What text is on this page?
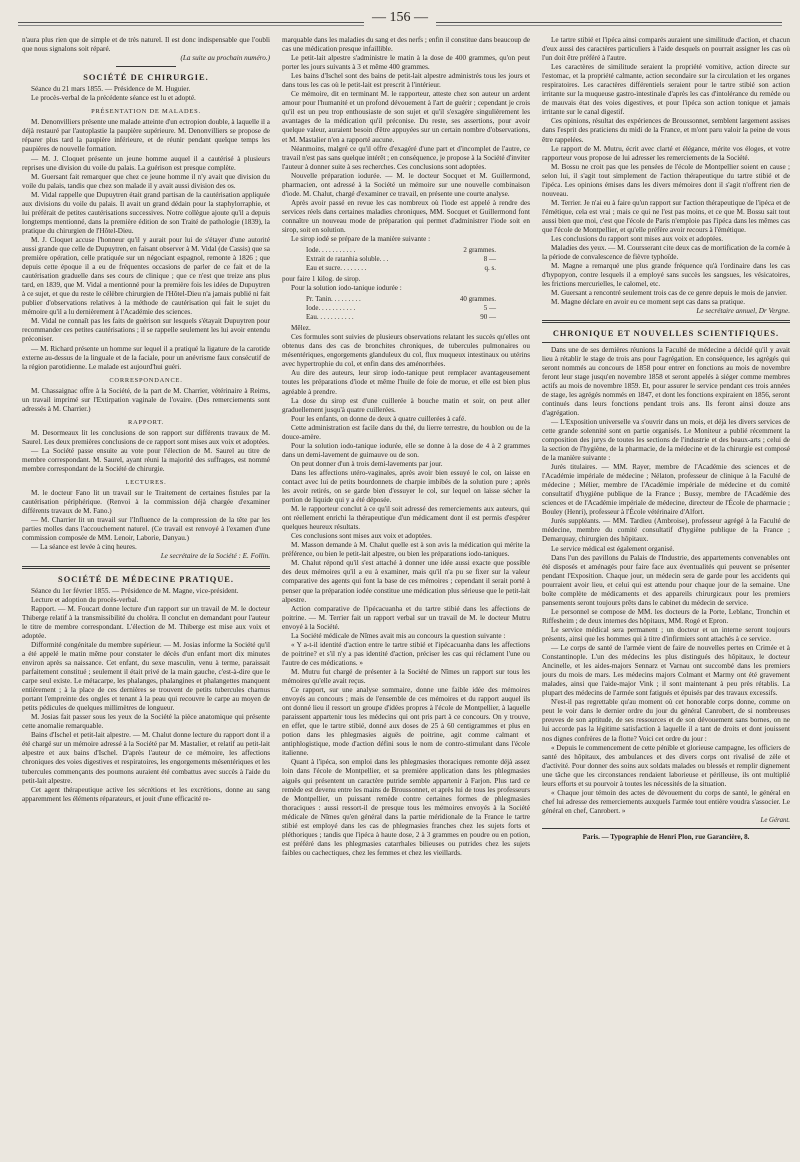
— 156 —

n'aura plus rien que de simple et de très naturel. Il est donc indispensable que l'oubli que nous signalons soit réparé.

(La suite au prochain numéro.)
SOCIÉTÉ DE CHIRURGIE.

Séance du 21 mars 1855. — Présidence de M. Huguier.

Le procès-verbal de la précédente séance est lu et adopté.

PRÉSENTATION DE MALADES.

M. Denonvilliers présente une malade atteinte d'un ectropion double, à laquelle il a déjà restauré par l'autoplastie la paupière supérieure. M. Denonvilliers se propose de réparer plus tard la paupière inférieure, et de réunir pendant quelque temps les paupières de nouvelle formation.

— M. J. Cloquet présente un jeune homme auquel il a cautérisé à plusieurs reprises une division du voile du palais. La guérison est presque complète.

M. Guersant fait remarquer que chez ce jeune homme il n'y avait que division du voile du palais, tandis que chez son malade il y avait aussi division des os.

M. Vidal rappelle que Dupuytren était grand partisan de la cautérisation appliquée aux divisions du voile du palais. Il avait un grand dédain pour la staphylorraphie, et lui préférait de petites cautérisations successives. Notre collègue ajoute qu'il a depuis longtemps mentionné, dans la première édition de son Traité de pathologie (1839), la pratique du chirurgien de l'Hôtel-Dieu.

M. J. Cloquet accuse l'honneur qu'il y aurait pour lui de s'étayer d'une autorité aussi grande que celle de Dupuytren, en faisant observer à M. Vidal (de Cassis) que sa première opération, celle pratiquée sur un négociant espagnol, remonte à 1826 ; que depuis cette époque il a eu de fréquentes occasions de parler de ce fait et de la cautérisation graduelle dans ses cours de clinique ; que ce n'est que treize ans plus tard, en 1839, que M. Vidal a mentionné pour la première fois les idées de Dupuytren à ce sujet, et que du reste le célèbre chirurgien de l'Hôtel-Dieu n'a jamais publié ni fait publier d'observations relatives à la méthode de cautérisation qui fait le sujet du mémoire qu'il a lu dernièrement à l'Académie des sciences.

M. Vidal ne connaît pas les faits de guérison sur lesquels s'étayait Dupuytren pour recommander ces petites cautérisations ; il se rappelle seulement les lui avoir entendu préconiser.

— M. Richard présente un homme sur lequel il a pratiqué la ligature de la carotide externe au-dessus de la linguale et de la faciale, pour un anévrisme faux consécutif de la région parotidienne. Le malade est aujourd'hui guéri.

CORRESPONDANCE.

M. Chassaignac offre à la Société, de la part de M. Charrier, vétérinaire à Reims, un travail imprimé sur l'Extirpation vaginale de l'ovaire. (Des remerciements sont adressés à M. Charrier.)

RAPPORT.

M. Desormeaux lit les conclusions de son rapport sur différents travaux de M. Saurel. Les deux premières conclusions de ce rapport sont mises aux voix et adoptées.

— La Société passe ensuite au vote pour l'élection de M. Saurel au titre de membre correspondant. M. Saurel, ayant réuni la majorité des suffrages, est nommé membre correspondant de la Société de chirurgie.

LECTURES.

M. le docteur Fano lit un travail sur le Traitement de certaines fistules par la cautérisation périphérique. (Renvoi à la commission déjà chargée d'examiner différents travaux de M. Fano.)

— M. Charrier lit un travail sur l'Influence de la compression de la tête par les parties molles dans l'accouchement naturel. (Ce travail est renvoyé à l'examen d'une commission composée de MM. Lenoir, Laborie, Danyau.)

— La séance est levée à cinq heures.

Le secrétaire de la Société : E. Follin.
SOCIÉTÉ DE MÉDECINE PRATIQUE.

Séance du 1er février 1855. — Présidence de M. Magne, vice-président.

Lecture et adoption du procès-verbal.

Rapport. — M. Foucart donne lecture d'un rapport sur un travail de M. le docteur Thiberge relatif à la transmissibilité du choléra. Il conclut en demandant pour l'auteur le titre de membre correspondant. L'élection de M. Thiberge est mise aux voix et adoptée.

Difformité congénitale du membre supérieur. — M. Josias informe la Société qu'il a été appelé le matin même pour constater le décès d'un enfant mort dix minutes environ après sa naissance. Cet enfant, du sexe masculin, venu à terme, paraissait parfaitement constitué ; seulement il était privé de la main gauche, c'est-à-dire que le carpe seul existe. Le métacarpe, les phalanges, phalangines et phalangettes manquent entièrement ; à la place de ces dernières se trouvent de petits tubercules charnus portant l'empreinte des ongles et tenant à la peau qui recouvre le carpe au moyen de petits pédicules de quelques millimètres de longueur.

M. Josias fait passer sous les yeux de la Société la pièce anatomique qui présente cette anomalie remarquable.

Bains d'Ischel et petit-lait alpestre. — M. Chalut donne lecture du rapport dont il a été chargé sur un mémoire adressé à la Société par M. Mastalier, et relatif au petit-lait alpestre et aux bains d'Ischel. D'après l'auteur de ce mémoire, les affections chroniques des voies digestives et respiratoires, les engorgements mésentériques et les tubercules commençants des poumons auraient été combattus avec succès à l'aide du petit-lait alpestre.

Cet agent thérapeutique active les sécrétions et les excrétions, donne au sang apparemment les éléments réparateurs, et jouit d'une efficacité re-

marquable dans les maladies du sang et des nerfs ; enfin il constitue dans beaucoup de cas une médication presque infaillible.

Le petit-lait alpestre s'administre le matin à la dose de 400 grammes, qu'on peut porter les jours suivants à 3 et même 400 grammes.

Les bains d'Ischel sont des bains de petit-lait alpestre administrés tous les jours et dans tous les cas où le petit-lait est prescrit à l'intérieur.

Ce mémoire, dit en terminant M. le rapporteur, atteste chez son auteur un ardent amour pour l'humanité et un profond dévouement à l'art de guérir ; cependant je crois qu'il est un peu trop enthousiaste de son sujet et qu'il s'exagère singulièrement les avantages de la médication qu'il préconise. Du reste, ses assertions, pour avoir quelque valeur, auraient besoin d'être appuyées sur un certain nombre d'observations, et M. Mastalier n'en a rapporté aucune.

Néanmoins, malgré ce qu'il offre d'exagéré d'une part et d'incomplet de l'autre, ce travail n'est pas sans quelque intérêt ; en conséquence, je propose à la Société d'inviter l'auteur à donner suite à ses recherches. Ces conclusions sont adoptées.

Nouvelle préparation iodurée. — M. le docteur Socquet et M. Guillermond, pharmacien, ont adressé à la Société un mémoire sur une nouvelle combinaison d'iode. M. Chalut, chargé d'examiner ce travail, en présente une courte analyse.

Après avoir passé en revue les cas nombreux où l'iode est appelé à rendre des services réels dans certaines maladies chroniques, MM. Socquet et Guillermond font connaître un nouveau mode de préparation qui permet d'administrer l'iode soit en sirop, soit en solution.

Le sirop iodé se prépare de la manière suivante :

Iode. . . . . . . . . . .	2 grammes.
Extrait de ratanhia soluble. . .	8 —
Eau et sucre. . . . . . . .	q. s.

pour faire 1 kilog. de sirop.

Pour la solution iodo-tanique iodurée :

Pr. Tanin. . . . . . . . .	40 grammes.
Iode. . . . . . . . . . .	5 —
Eau. . . . . . . . . . .	90 —

Mêlez.

Ces formules sont suivies de plusieurs observations relatant les succès qu'elles ont obtenus dans des cas de bronchites chroniques, de tubercules pulmonaires ou mésentériques, engorgements glanduleux du col, flux muqueux intestinaux ou utérins avec hypertrophie du col, et enfin dans des aménorrhées.

Au dire des auteurs, leur sirop iodo-tanique peut remplacer avantageusement toutes les préparations d'iode et même l'huile de foie de morue, et elle est bien plus agréable à prendre.

La dose du sirop est d'une cuillerée à bouche matin et soir, on peut aller graduellement jusqu'à quatre cuillerées.

Pour les enfants, on donne de deux à quatre cuillerées à café.

Cette administration est facile dans du thé, du lierre terrestre, du houblon ou de la douce-amère.

Pour la solution iodo-tanique iodurée, elle se donne à la dose de 4 à 2 grammes dans un demi-lavement de guimauve ou de son.

On peut donner d'un à trois demi-lavements par jour.

Dans les affections utéro-vaginales, après avoir bien essuyé le col, on laisse en contact avec lui de petits bourdonnets de charpie imbibés de la solution pure ; après les avoir retirés, on se garde bien d'essuyer le col, sur lequel on laisse sécher la portion de liquide qui y a été déposée.

M. le rapporteur conclut à ce qu'il soit adressé des remerciements aux auteurs, qui ont réellement enrichi la thérapeutique d'un médicament dont il est permis d'espérer quelques heureux résultats.

Ces conclusions sont mises aux voix et adoptées.

M. Masson demande à M. Chalut quelle est à son avis la médication qui mérite la préférence, ou bien le petit-lait alpestre, ou bien les préparations iodo-taniques.

M. Chalut répond qu'il s'est attaché à donner une idée aussi exacte que possible des deux mémoires qu'il a eu à examiner, mais qu'il n'a pu se fixer sur la valeur comparative des agents qui font la base de ces mémoires ; cependant il serait porté à penser que la préparation iodée constitue une médication plus sérieuse que le petit-lait alpestre.

Action comparative de l'ipécacuanha et du tartre stibié dans les affections de poitrine. — M. Terrier fait un rapport verbal sur un travail de M. le docteur Mutru envoyé à la Société.

La Société médicale de Nîmes avait mis au concours la question suivante :

« Y a-t-il identité d'action entre le tartre stibié et l'ipécacuanha dans les affections de poitrine? et s'il n'y a pas identité d'action, préciser les cas qui réclament l'une ou l'autre de ces médications. »

M. Mutru fut chargé de présenter à la Société de Nîmes un rapport sur tous les mémoires qu'elle avait reçus.

Ce rapport, sur une analyse sommaire, donne une faible idée des mémoires envoyés au concours ; mais de l'ensemble de ces mémoires et du rapport auquel ils ont donné lieu il ressort un groupe d'idées propres à l'école de Montpellier, à laquelle paraissent appartenir tous les médecins qui ont pris part à ce concours. On y trouve, en effet, que le tartre stibié, donné aux doses de 25 à 60 centigrammes et plus en potion dans les phlegmasies aiguës de poitrine, agit comme calmant et antiphlogistique, mode d'action défini sous le nom de contro-stimulant dans l'école italienne.

Quant à l'ipéca, son emploi dans les phlegmasies thoraciques remonte déjà assez loin dans l'école de Montpellier, et sa première application dans les phlegmasies aiguës qui présentent un caractère putride semble appartenir à Farjon. Plus tard ce remède est devenu entre les mains de Broussonnet, et après lui de tous les professeurs de Montpellier, un puissant remède contre certaines formes de phlegmasies thoraciques : aussi ressort-il de presque tous les mémoires envoyés à la Société médicale de Nîmes qu'en général dans la partie méridionale de la France le tartre stibié est employé dans les cas de phlegmasies franches chez les sujets forts et pléthoriques ; tandis que l'ipéca à haute dose, 2 à 3 grammes en poudre ou en potion, est préféré dans les phlegmasies catarrhales bilieuses ou putrides chez les sujets faibles ou cachectiques, chez les femmes et chez les vieillards.

Le tartre stibié et l'ipéca ainsi comparés auraient une similitude d'action, et chacun d'eux aussi des caractères particuliers à l'aide desquels on pourrait assigner les cas où l'un doit être préféré à l'autre.

Les caractères de similitude seraient la propriété vomitive, action directe sur l'estomac, et la propriété calmante, action secondaire sur la circulation et les organes respiratoires. Les caractères différentiels seraient pour le tartre stibié son action irritante sur la muqueuse gastro-intestinale d'après les cas d'intolérance du remède ou de mauvais état des voies digestives, et pour l'ipéca son action tonique et jamais irritante sur le canal digestif.

Ces opinions, résultat des expériences de Broussonnet, semblent largement assises dans l'esprit des praticiens du midi de la France, et m'ont paru valoir la peine de vous être rappelées.

Le rapport de M. Mutru, écrit avec clarté et élégance, mérite vos éloges, et votre rapporteur vous propose de lui adresser les remerciements de la Société.

M. Bossu ne croit pas que les pensées de l'école de Montpellier soient en cause ; selon lui, il s'agit tout simplement de l'action thérapeutique du tartre stibié et de l'ipéca. Les opinions émises dans les divers mémoires dont il s'agit n'offrent rien de nouveau.

M. Terrier. Je n'ai eu à faire qu'un rapport sur l'action thérapeutique de l'ipéca et de l'émétique, cela est vrai ; mais ce qui ne l'est pas moins, et ce que M. Bossu sait tout aussi bien que moi, c'est que l'école de Paris n'emploie pas l'ipéca dans les mêmes cas que l'école de Montpellier, et qu'elle préfère avoir recours à l'émétique.

Les conclusions du rapport sont mises aux voix et adoptées.

Maladies des yeux. — M. Coursserant cite deux cas de mortification de la cornée à la période de convalescence de fièvre typhoïde.

M. Magne a remarqué une plus grande fréquence qu'à l'ordinaire dans les cas d'hypopyon, contre lesquels il a employé sans succès les sangsues, les vésicatoires, les frictions mercurielles, le calomel, etc.

M. Guersant a rencontré seulement trois cas de ce genre depuis le mois de janvier.

M. Magne déclare en avoir eu ce moment sept cas dans sa pratique.

Le secrétaire annuel, Dr Vergne.
CHRONIQUE ET NOUVELLES SCIENTIFIQUES.

Dans une de ses dernières réunions la Faculté de médecine a décidé qu'il y avait lieu à rétablir le stage de trois ans pour l'agrégation. En conséquence, les agrégés qui seront nommés au concours de 1858 pour entrer en fonctions au mois de novembre feront leur stage jusqu'en novembre 1858 et seront appelés à siéger comme membres actifs au mois de novembre 1859. Et, pour assurer le service pendant ces trois années de stage, les agrégés nommés en 1847, et dont les fonctions expiraient en 1856, seront continués dans leurs fonctions pendant trois ans. Ils feront ainsi douze ans d'agrégation.

— L'Exposition universelle va s'ouvrir dans un mois, et déjà les divers services de cette grande solennité sont en partie organisés. Le Moniteur a publié récemment la composition des jurys de toutes les sections de l'industrie et des beaux-arts ; celui de la section de l'hygiène, de la pharmacie, de la médecine et de la chirurgie est composé de la manière suivante :

Jurés titulaires. — MM. Rayer, membre de l'Académie des sciences et de l'Académie impériale de médecine ; Nélaton, professeur de clinique à la Faculté de médecine ; Mélier, membre de l'Académie impériale de médecine et du comité consultatif d'hygiène publique de la France ; Bussy, membre de l'Académie des sciences et de l'Académie impériale de médecine, directeur de l'École de pharmacie ; Bouley (Henri), professeur à l'École vétérinaire d'Alfort.

Jurés suppléants. — MM. Tardieu (Ambroise), professeur agrégé à la Faculté de médecine, membre du comité consultatif d'hygiène publique de la France ; Demarquay, chirurgien des hôpitaux.

Le service médical est également organisé.

Dans l'un des pavillons du Palais de l'Industrie, des appartements convenables ont été disposés et aménagés pour faire face aux éventualités qui peuvent se présenter pendant l'Exposition. Chaque jour, un médecin sera de garde pour les accidents qui pourraient avoir lieu, et celui qui est attendu pour chaque jour de la semaine. Une boîte complète de médicaments et des appareils chirurgicaux pour les premiers pansements seront toujours prêts dans le cabinet du médecin de service.

Le personnel se compose de MM. les docteurs de la Porte, Leblanc, Tronchin et Riffesheim ; de deux internes des hôpitaux, MM. Rogé et Epron.

Le service médical sera permanent ; un docteur et un interne seront toujours présents, ainsi que les hommes qui à titre d'infirmiers sont attachés à ce service.

— Le corps de santé de l'armée vient de faire de nouvelles pertes en Crimée et à Constantinople. L'un des médecins les plus distingués des hôpitaux, le docteur Ancinelle, et les aides-majors Sennarz et Varnau ont succombé dans les premiers jours du mois de mars. Les médecins majors Colmant et Marmy ont été gravement malades, ainsi que l'aide-major Vink ; il sont maintenant à peu près rétablis. La plupart des médecins de l'armée sont fatigués et épuisés par des travaux excessifs.

N'est-il pas regrettable qu'au moment où cet honorable corps donne, comme on peut le voir dans le dernier ordre du jour du général Canrobert, de si nombreuses preuves de son aptitude, de ses ressources et de son dévouement sans bornes, on ne lui accorde pas la légitime satisfaction à laquelle il a tant de droits et dont jouissent nos dignes confrères de la flotte? Voici cet ordre du jour :

« Depuis le commencement de cette pénible et glorieuse campagne, les officiers de santé des hôpitaux, des ambulances et des divers corps ont rivalisé de zèle et d'activité. Pour donner des soins aux soldats malades ou blessés et remplir dignement une tâche que les circonstances rendaient laborieuse et périlleuse, ils ont multiplié leurs efforts et su pourvoir à toutes les nécessités de la situation.

« Chaque jour témoin des actes de dévouement du corps de santé, le général en chef lui adresse des remerciements auxquels l'armée tout entière voudra s'associer. Le général en chef, Canrobert. »

Le Gérant.
Paris. — Typographie de Henri Plon, rue Garancière, 8.
